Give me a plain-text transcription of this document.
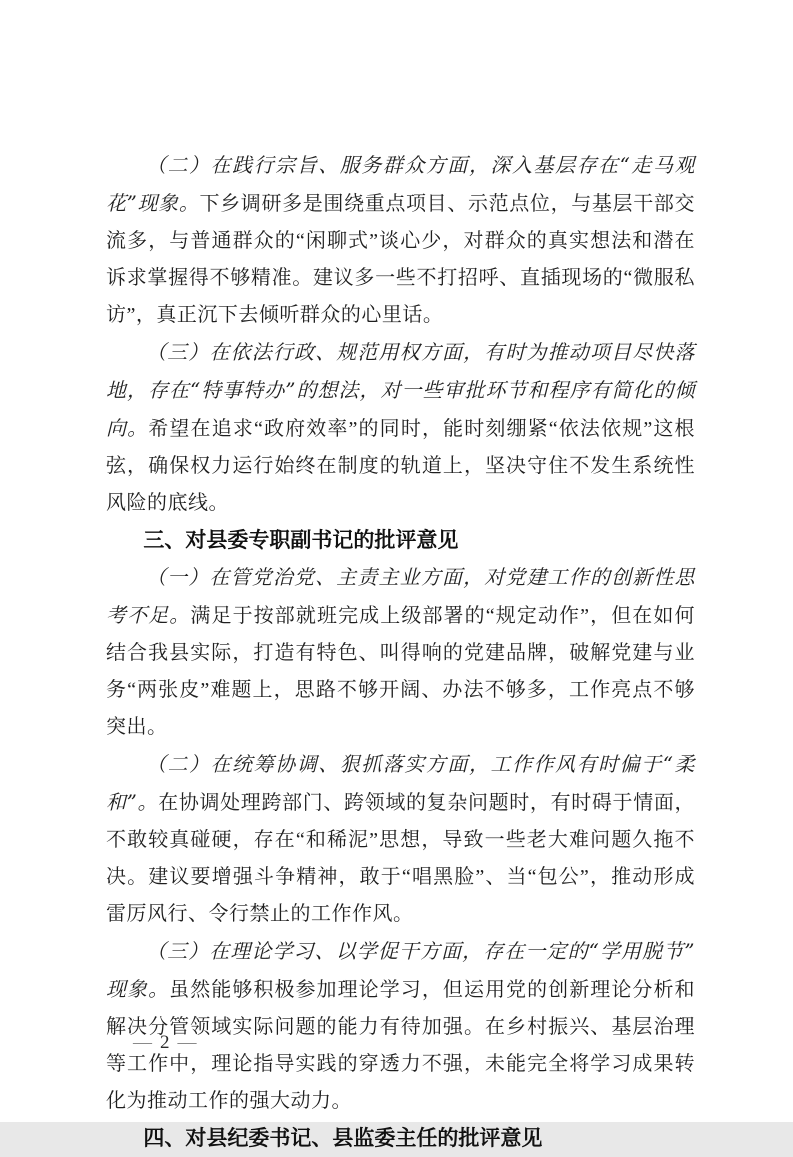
（二）在践行宗旨、服务群众方面，深入基层存在“走马观花”现象。下乡调研多是围绕重点项目、示范点位，与基层干部交流多，与普通群众的“闲聊式”谈心少，对群众的真实想法和潜在诉求掌握得不够精准。建议多一些不打招呼、直插现场的“微服私访”，真正沉下去倾听群众的心里话。

（三）在依法行政、规范用权方面，有时为推动项目尽快落地，存在“特事特办”的想法，对一些审批环节和程序有简化的倾向。希望在追求“政府效率”的同时，能时刻绷紧“依法依规”这根弦，确保权力运行始终在制度的轨道上，坚决守住不发生系统性风险的底线。

三、对县委专职副书记的批评意见

（一）在管党治党、主责主业方面，对党建工作的创新性思考不足。满足于按部就班完成上级部署的“规定动作”，但在如何结合我县实际，打造有特色、叫得响的党建品牌，破解党建与业务“两张皮”难题上，思路不够开阔、办法不够多，工作亮点不够突出。

（二）在统筹协调、狠抓落实方面，工作作风有时偏于“柔和”。在协调处理跨部门、跨领域的复杂问题时，有时碍于情面，不敢较真碰硬，存在“和稀泥”思想，导致一些老大难问题久拖不决。建议要增强斗争精神，敢于“唱黑脸”、当“包公”，推动形成雷厉风行、令行禁止的工作作风。

（三）在理论学习、以学促干方面，存在一定的“学用脱节”现象。虽然能够积极参加理论学习，但运用党的创新理论分析和解决分管领域实际问题的能力有待加强。在乡村振兴、基层治理等工作中，理论指导实践的穿透力不强，未能完全将学习成果转化为推动工作的强大动力。

四、对县纪委书记、县监委主任的批评意见
— 2 —
